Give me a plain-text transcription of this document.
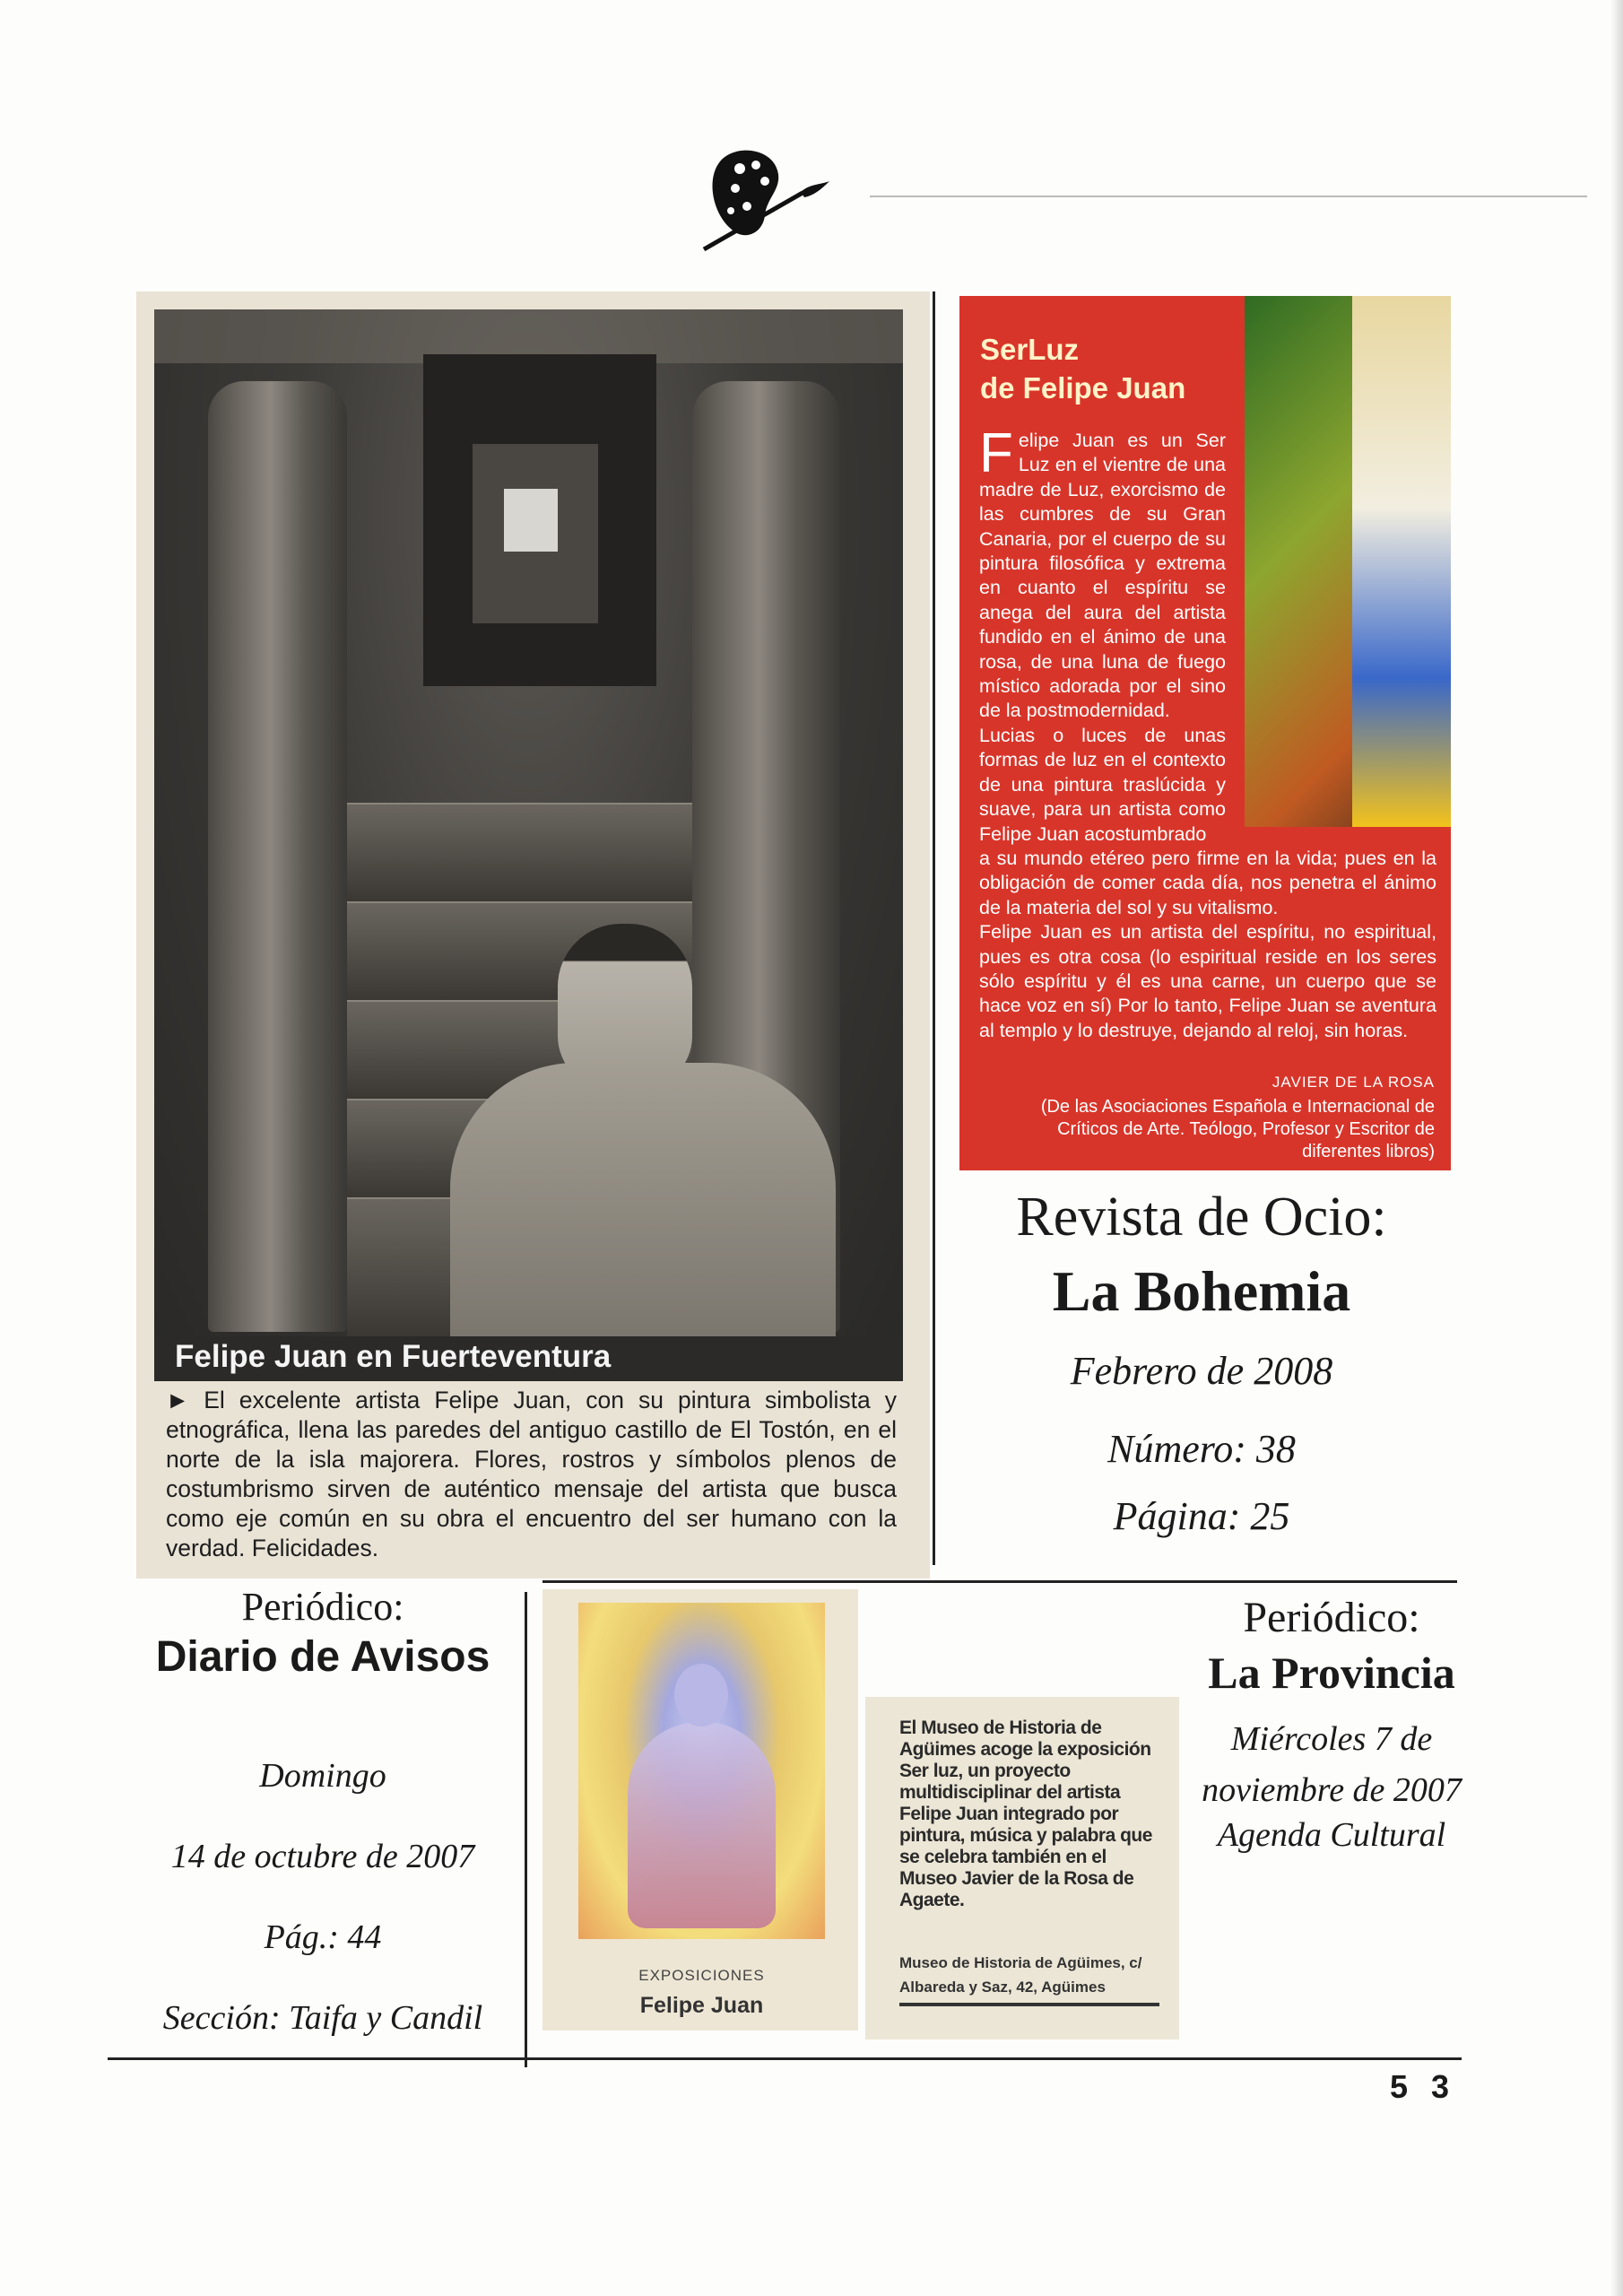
Felipe Juan en Fuerteventura
► El excelente artista Felipe Juan, con su pintura simbolista y etnográfica, llena las paredes del antiguo castillo de El Tostón, en el norte de la isla majorera. Flores, rostros y símbolos plenos de costumbrismo sirven de auténtico mensaje del artista que busca como eje común en su obra el encuentro del ser humano con la verdad. Felicidades.
SerLuz
de Felipe Juan

Felipe Juan es un Ser Luz en el vientre de una madre de Luz, exorcismo de las cumbres de su Gran Canaria, por el cuerpo de su pintura filosófica y extrema en cuanto el espíritu se anega del aura del artista fundido en el ánimo de una rosa, de una luna de fuego místico adorada por el sino de la postmodernidad.

Lucias o luces de unas formas de luz en el contexto de una pintura traslúcida y suave, para un artista como Felipe Juan acostumbrado

a su mundo etéreo pero firme en la vida; pues en la obligación de comer cada día, nos penetra el ánimo de la materia del sol y su vitalismo.

Felipe Juan es un artista del espíritu, no espiritual, pues es otra cosa (lo espiritual reside en los seres sólo espíritu y él es una carne, un cuerpo que se hace voz en sí) Por lo tanto, Felipe Juan se aventura al templo y lo destruye, dejando al reloj, sin horas.

JAVIER DE LA ROSA
(De las Asociaciones Española e Internacional de Críticos de Arte. Teólogo, Profesor y Escritor de diferentes libros)
Revista de Ocio:
La Bohemia
Febrero de 2008
Número: 38
Página: 25
Periódico:
Diario de Avisos
Domingo
14 de octubre de 2007
Pág.: 44
Sección: Taifa y Candil
EXPOSICIONES
Felipe Juan
El Museo de Historia de Agüimes acoge la exposición Ser luz, un proyecto multidisciplinar del artista Felipe Juan integrado por pintura, música y palabra que se celebra también en el Museo Javier de la Rosa de Agaete.
Museo de Historia de Agüimes, c/ Albareda y Saz, 42, Agüimes
Periódico:
La Provincia
Miércoles 7 de
noviembre de 2007
Agenda Cultural
5 3
